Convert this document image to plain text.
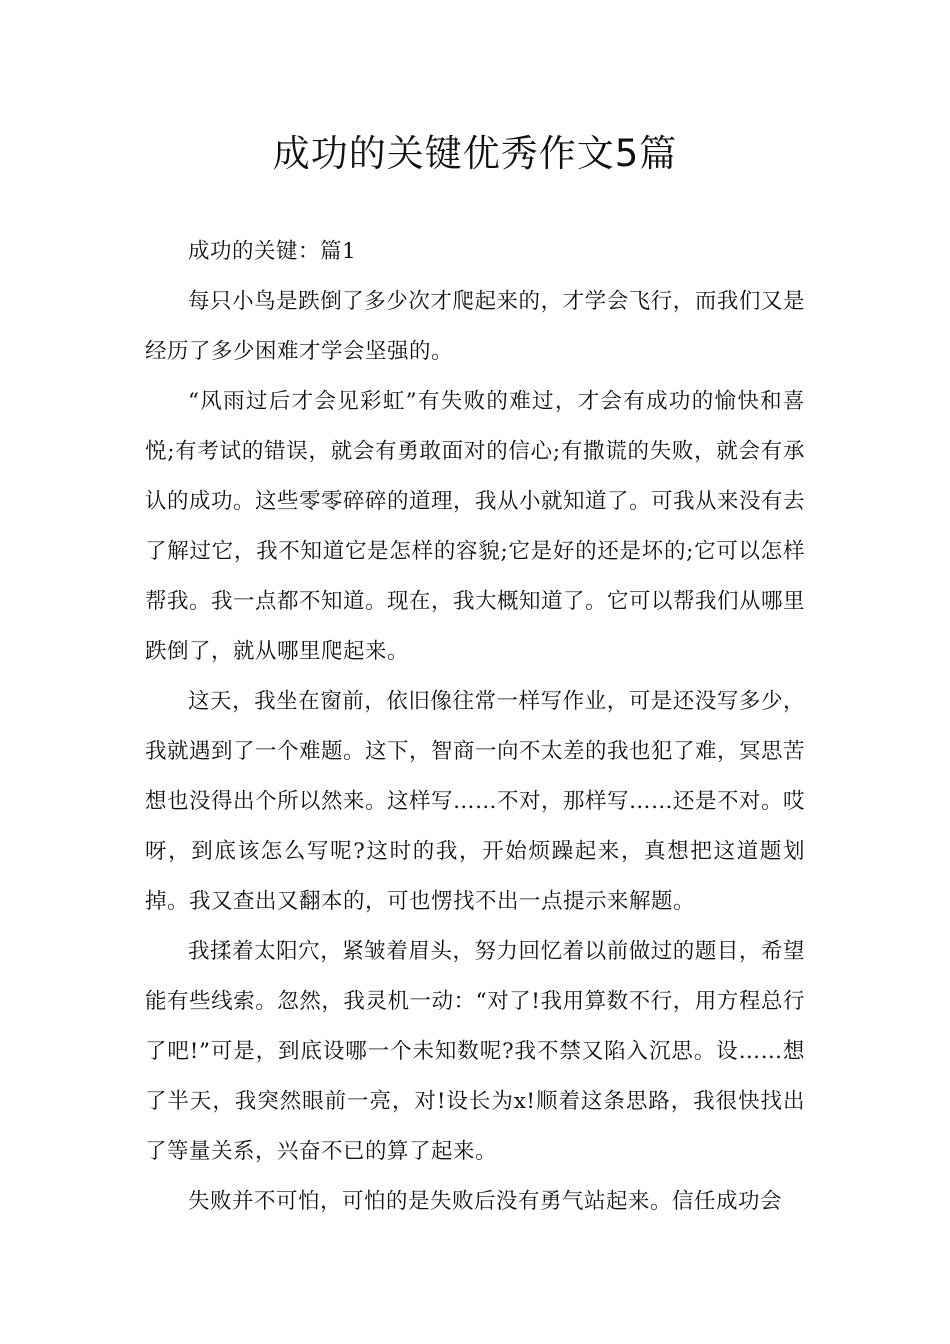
成功的关键优秀作文5篇

成功的关键：篇1

每只小鸟是跌倒了多少次才爬起来的，才学会飞行，而我们又是经历了多少困难才学会坚强的。

“风雨过后才会见彩虹”有失败的难过，才会有成功的愉快和喜悦;有考试的错误，就会有勇敢面对的信心;有撒谎的失败，就会有承认的成功。这些零零碎碎的道理，我从小就知道了。可我从来没有去了解过它，我不知道它是怎样的容貌;它是好的还是坏的;它可以怎样帮我。我一点都不知道。现在，我大概知道了。它可以帮我们从哪里跌倒了，就从哪里爬起来。

这天，我坐在窗前，依旧像往常一样写作业，可是还没写多少，我就遇到了一个难题。这下，智商一向不太差的我也犯了难，冥思苦想也没得出个所以然来。这样写……不对，那样写……还是不对。哎呀，到底该怎么写呢?这时的我，开始烦躁起来，真想把这道题划掉。我又查出又翻本的，可也愣找不出一点提示来解题。

我揉着太阳穴，紧皱着眉头，努力回忆着以前做过的题目，希望能有些线索。忽然，我灵机一动：“对了!我用算数不行，用方程总行了吧!”可是，到底设哪一个未知数呢?我不禁又陷入沉思。设……想了半天，我突然眼前一亮，对!设长为x!顺着这条思路，我很快找出了等量关系，兴奋不已的算了起来。

失败并不可怕，可怕的是失败后没有勇气站起来。信任成功会
